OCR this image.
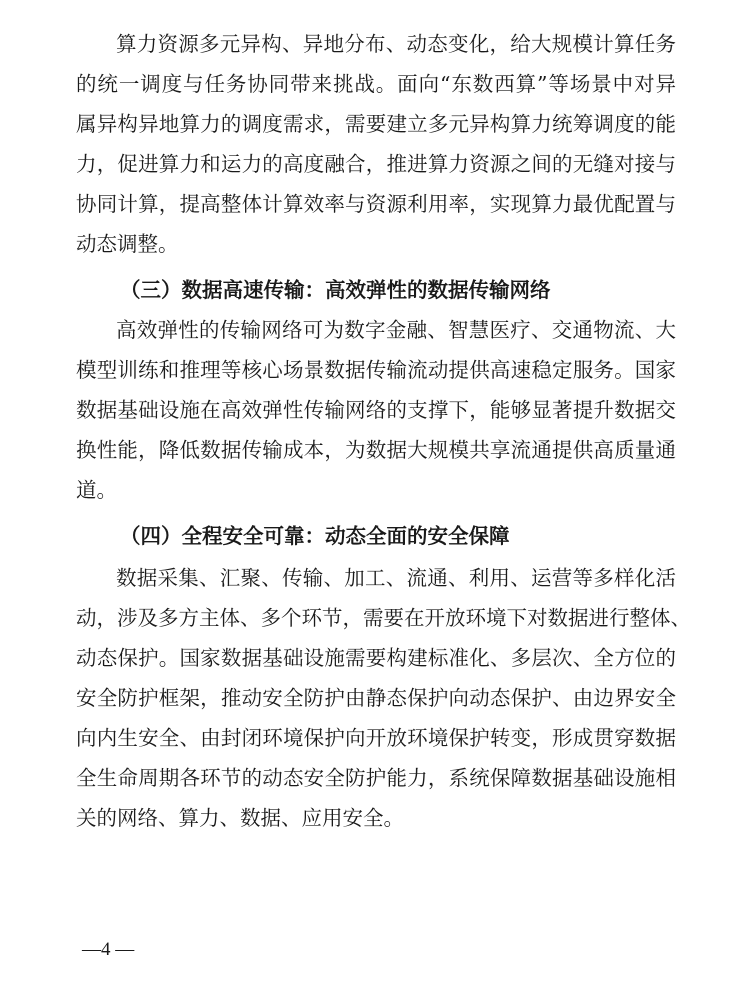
算力资源多元异构、异地分布、动态变化，给大规模计算任务
的统一调度与任务协同带来挑战。面向“东数西算”等场景中对异
属异构异地算力的调度需求，需要建立多元异构算力统筹调度的能
力，促进算力和运力的高度融合，推进算力资源之间的无缝对接与
协同计算，提高整体计算效率与资源利用率，实现算力最优配置与
动态调整。
（三）数据高速传输：高效弹性的数据传输网络
高效弹性的传输网络可为数字金融、智慧医疗、交通物流、大
模型训练和推理等核心场景数据传输流动提供高速稳定服务。国家
数据基础设施在高效弹性传输网络的支撑下，能够显著提升数据交
换性能，降低数据传输成本，为数据大规模共享流通提供高质量通
道。
（四）全程安全可靠：动态全面的安全保障
数据采集、汇聚、传输、加工、流通、利用、运营等多样化活
动，涉及多方主体、多个环节，需要在开放环境下对数据进行整体、
动态保护。国家数据基础设施需要构建标准化、多层次、全方位的
安全防护框架，推动安全防护由静态保护向动态保护、由边界安全
向内生安全、由封闭环境保护向开放环境保护转变，形成贯穿数据
全生命周期各环节的动态安全防护能力，系统保障数据基础设施相
关的网络、算力、数据、应用安全。
—4 —
